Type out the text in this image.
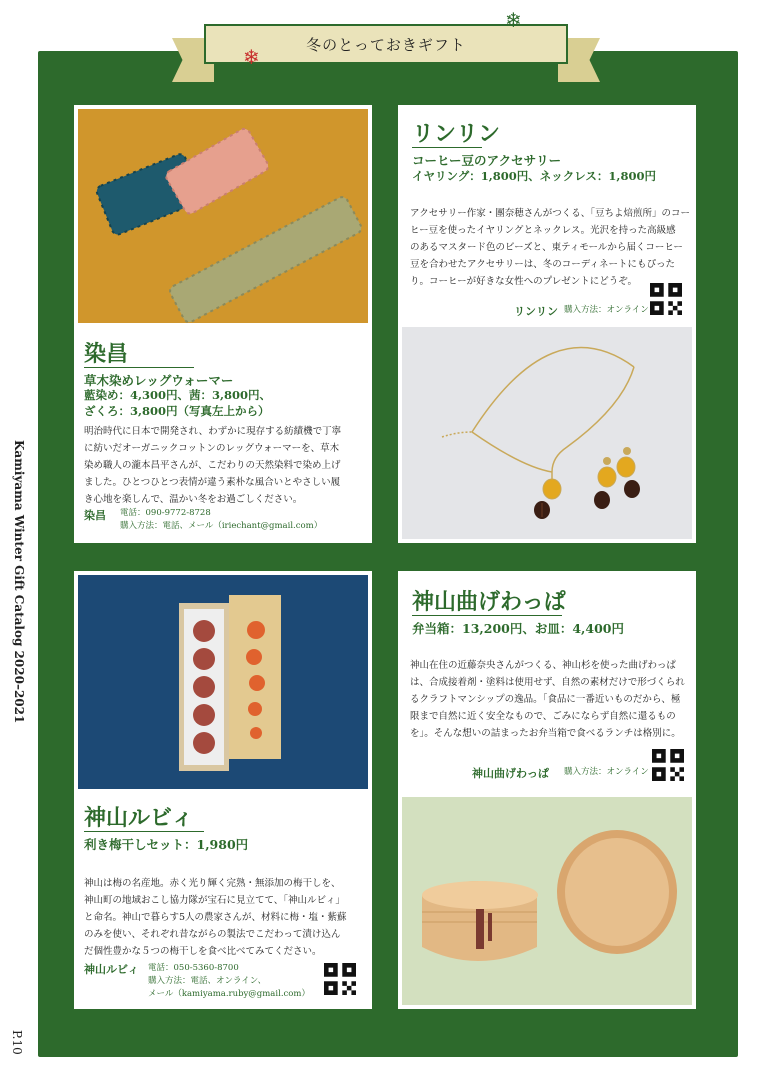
冬のとっておきギフト
❄
❄
Kamiyama Winter Gift Catalog 2020–2021
P.10
染昌
草木染めレッグウォーマー
藍染め：4,300円、茜：3,800円、
ざくろ：3,800円（写真左上から）
明治時代に日本で開発され、わずかに現存する紡績機で丁寧
に紡いだオーガニックコットンのレッグウォーマーを、草木
染め職人の瀧本昌平さんが、こだわりの天然染料で染め上げ
ました。ひとつひとつ表情が違う素朴な風合いとやさしい履
き心地を楽しんで、温かい冬をお過ごしください。
染昌 電話：090-9772-8728
購入方法：電話、メール（iriechant@gmail.com）
リンリン
コーヒー豆のアクセサリー
イヤリング：1,800円、ネックレス：1,800円
アクセサリー作家・團奈穂さんがつくる、「豆ちよ焙煎所」のコー
ヒー豆を使ったイヤリングとネックレス。光沢を持った高級感
のあるマスタード色のビーズと、東ティモールから届くコーヒー
豆を合わせたアクセサリーは、冬のコーディネートにもぴった
り。コーヒーが好きな女性へのプレゼントにどうぞ。
リンリン 購入方法：オンライン
神山ルビィ
利き梅干しセット：1,980円
神山は梅の名産地。赤く光り輝く完熟・無添加の梅干しを、
神山町の地域おこし協力隊が宝石に見立てて、「神山ルビィ」
と命名。神山で暮らす5人の農家さんが、材料に梅・塩・紫蘇
のみを使い、それぞれ昔ながらの製法でこだわって漬け込ん
だ個性豊かな５つの梅干しを食べ比べてみてください。
神山ルビィ 電話：050-5360-8700
購入方法：電話、オンライン、
メール（kamiyama.ruby@gmail.com）
神山曲げわっぱ
弁当箱：13,200円、お皿：4,400円
神山在住の近藤奈央さんがつくる、神山杉を使った曲げわっぱ
は、合成接着剤・塗料は使用せず、自然の素材だけで形づくられ
るクラフトマンシップの逸品。「食品に一番近いものだから、極
限まで自然に近く安全なもので、ごみにならず自然に還るもの
を」。そんな想いの詰まったお弁当箱で食べるランチは格別に。
神山曲げわっぱ 購入方法：オンライン
